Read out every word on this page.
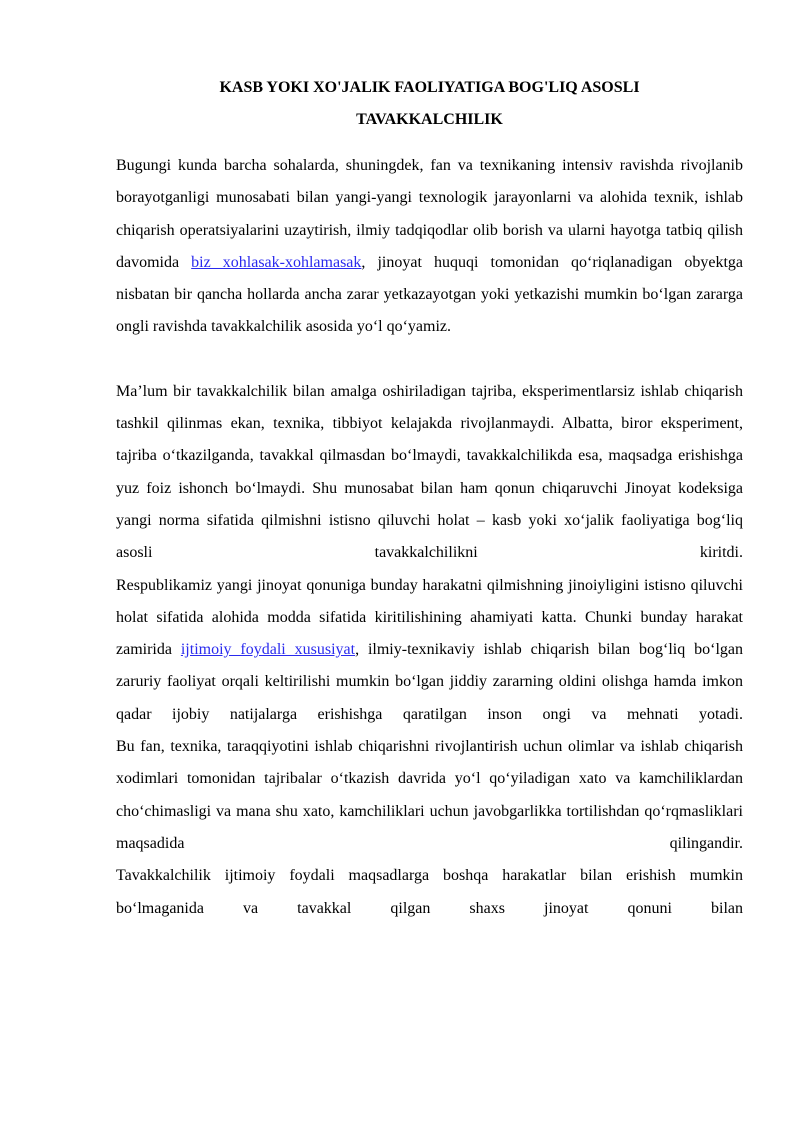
KASB YOKI XO'JALIK FAOLIYATIGA BOG'LIQ ASOSLI
TAVAKKALCHILIK

Bugungi kunda barcha sohalarda, shuningdek, fan va texnikaning intensiv ravishda rivojlanib borayotganligi munosabati bilan yangi-yangi texnologik jarayonlarni va alohida texnik, ishlab chiqarish operatsiyalarini uzaytirish, ilmiy tadqiqodlar olib borish va ularni hayotga tatbiq qilish davomida biz xohlasak-xohlamasak, jinoyat huquqi tomonidan qo‘riqlanadigan obyektga nisbatan bir qancha hollarda ancha zarar yetkazayotgan yoki yetkazishi mumkin bo‘lgan zararga ongli ravishda tavakkalchilik asosida yo‘l qo‘yamiz.

Ma’lum bir tavakkalchilik bilan amalga oshiriladigan tajriba, eksperimentlarsiz ishlab chiqarish tashkil qilinmas ekan, texnika, tibbiyot kelajakda rivojlanmaydi. Albatta, biror eksperiment, tajriba o‘tkazilganda, tavakkal qilmasdan bo‘lmaydi, tavakkalchilikda esa, maqsadga erishishga yuz foiz ishonch bo‘lmaydi. Shu munosabat bilan ham qonun chiqaruvchi Jinoyat kodeksiga yangi norma sifatida qilmishni istisno qiluvchi holat – kasb yoki xo‘jalik faoliyatiga bog‘liq asosli tavakkalchilikni kiritdi.

Respublikamiz yangi jinoyat qonuniga bunday harakatni qilmishning jinoiyligini istisno qiluvchi holat sifatida alohida modda sifatida kiritilishining ahamiyati katta. Chunki bunday harakat zamirida ijtimoiy foydali xususiyat, ilmiy-texnikaviy ishlab chiqarish bilan bog‘liq bo‘lgan zaruriy faoliyat orqali keltirilishi mumkin bo‘lgan jiddiy zararning oldini olishga hamda imkon qadar ijobiy natijalarga erishishga qaratilgan inson ongi va mehnati yotadi.

Bu fan, texnika, taraqqiyotini ishlab chiqarishni rivojlantirish uchun olimlar va ishlab chiqarish xodimlari tomonidan tajribalar o‘tkazish davrida yo‘l qo‘yiladigan xato va kamchiliklardan cho‘chimasligi va mana shu xato, kamchiliklari uchun javobgarlikka tortilishdan qo‘rqmasliklari maqsadida qilingandir.

Tavakkalchilik ijtimoiy foydali maqsadlarga boshqa harakatlar bilan erishish mumkin bo‘lmaganida va tavakkal qilgan shaxs jinoyat qonuni bilan
